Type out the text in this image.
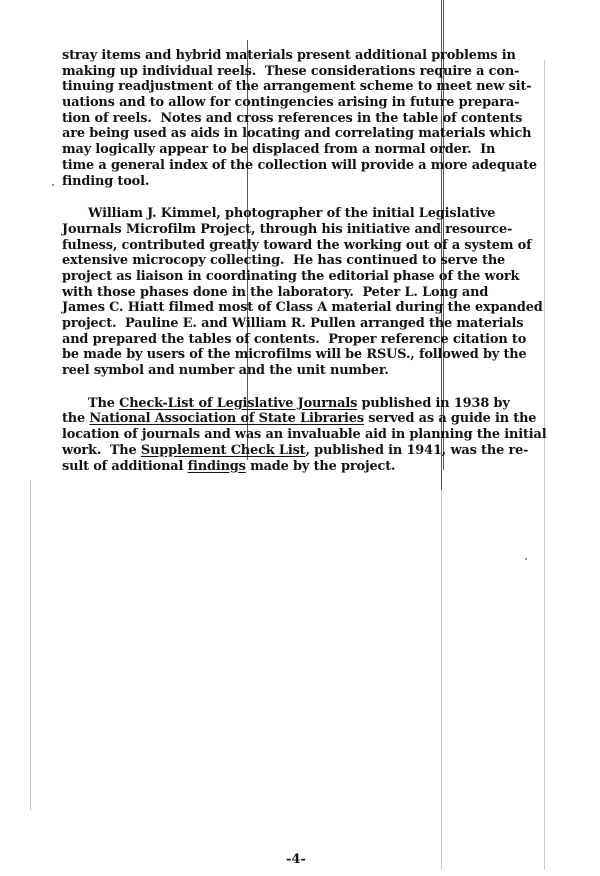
stray items and hybrid materials present additional problems in
making up individual reels.  These considerations require a con-
tinuing readjustment of the arrangement scheme to meet new sit-
uations and to allow for contingencies arising in future prepara-
tion of reels.  Notes and cross references in the table of contents
are being used as aids in locating and correlating materials which
may logically appear to be displaced from a normal order.  In
time a general index of the collection will provide a more adequate
finding tool.
William J. Kimmel, photographer of the initial Legislative
Journals Microfilm Project, through his initiative and resource-
fulness, contributed greatly toward the working out of a system of
extensive microcopy collecting.  He has continued to serve the
project as liaison in coordinating the editorial phase of the work
with those phases done in the laboratory.  Peter L. Long and
James C. Hiatt filmed most of Class A material during the expanded
project.  Pauline E. and William R. Pullen arranged the materials
and prepared the tables of contents.  Proper reference citation to
be made by users of the microfilms will be RSUS., followed by the
reel symbol and number and the unit number.
The Check-List of Legislative Journals published in 1938 by
the National Association of State Libraries served as a guide in the
location of journals and was an invaluable aid in planning the initial
work.  The Supplement Check List, published in 1941, was the re-
sult of additional findings made by the project.
-4-
